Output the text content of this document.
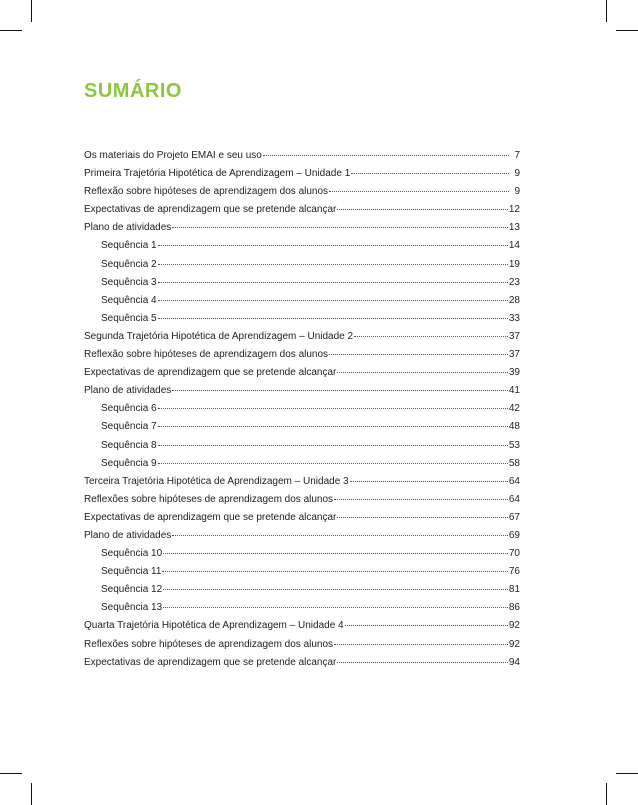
SUMÁRIO
Os materiais do Projeto EMAI e seu uso	7
Primeira Trajetória Hipotética de Aprendizagem – Unidade 1	9
Reflexão sobre hipóteses de aprendizagem dos alunos	9
Expectativas de aprendizagem que se pretende alcançar	12
Plano de atividades	13
Sequência 1	14
Sequência 2	19
Sequência 3	23
Sequência 4	28
Sequência 5	33
Segunda Trajetória Hipotética de Aprendizagem – Unidade 2	37
Reflexão sobre hipóteses de aprendizagem dos alunos	37
Expectativas de aprendizagem que se pretende alcançar	39
Plano de atividades	41
Sequência 6	42
Sequência 7	48
Sequência 8	53
Sequência 9	58
Terceira Trajetória Hipotética de Aprendizagem – Unidade 3	64
Reflexões sobre hipóteses de aprendizagem dos alunos	64
Expectativas de aprendizagem que se pretende alcançar	67
Plano de atividades	69
Sequência 10	70
Sequência 11	76
Sequência 12	81
Sequência 13	86
Quarta Trajetória Hipotética de Aprendizagem – Unidade 4	92
Reflexões sobre hipóteses de aprendizagem dos alunos	92
Expectativas de aprendizagem que se pretende alcançar	94
